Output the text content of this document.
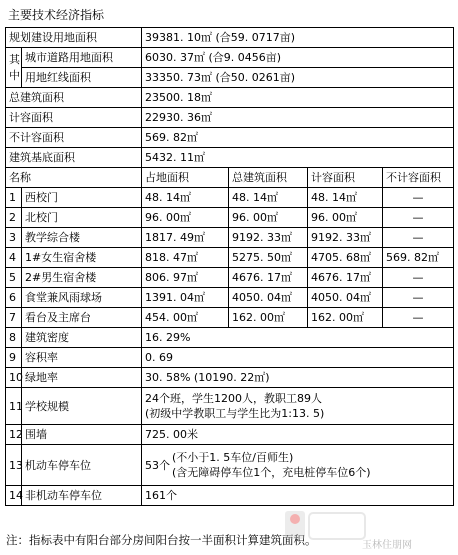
主要技术经济指标
规划建设用地面积		39381. 10㎡ (合59. 0717亩)			

其
中	城市道路用地面积	6030. 37㎡ (合9. 0456亩)			
	用地红线面积	33350. 73㎡ (合50. 0261亩)			
总建筑面积		23500. 18㎡			
计容面积		22930. 36㎡			
不计容面积		569. 82㎡			
建筑基底面积		5432. 11㎡			
名称		占地面积	总建筑面积	计容面积	不计容面积
1	西校门	48. 14㎡	48. 14㎡	48. 14㎡	—
2	北校门	96. 00㎡	96. 00㎡	96. 00㎡	—
3	教学综合楼	1817. 49㎡	9192. 33㎡	9192. 33㎡	—
4	1#女生宿舍楼	818. 47㎡	5275. 50㎡	4705. 68㎡	569. 82㎡
5	2#男生宿舍楼	806. 97㎡	4676. 17㎡	4676. 17㎡	—
6	食堂兼风雨球场	1391. 04㎡	4050. 04㎡	4050. 04㎡	—
7	看台及主席台	454. 00㎡	162. 00㎡	162. 00㎡	—
8	建筑密度	16. 29%			
9	容积率	0. 69			
10	绿地率	30. 58% (10190. 22㎡)			
11	学校规模	24个班，学生1200人，教职工89人
(初级中学教职工与学生比为1:13. 5)			

12	围墙	725. 00米			
13	机动车停车位	53个
(不小于1. 5车位/百师生)
(含无障碍停车位1个，充电桩停车位6个)			

14	非机动车停车位	161个			
注：指标表中有阳台部分房间阳台按一半面积计算建筑面积。	玉林住朋网
